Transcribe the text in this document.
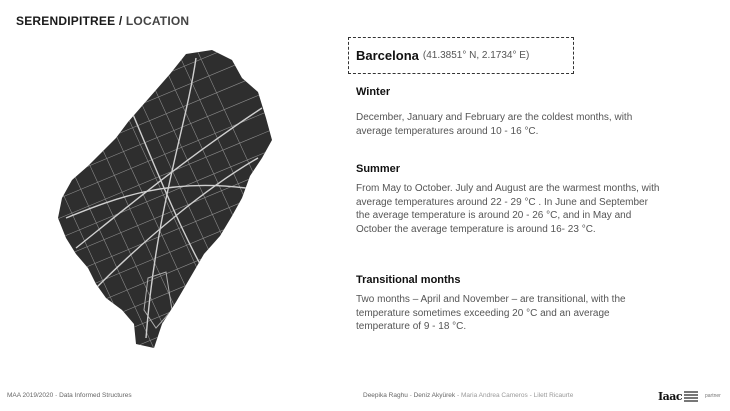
SERENDIPITREE / LOCATION
Barcelona (41.3851° N, 2.1734° E)
Winter
December, January and February are the coldest months, with average temperatures around 10 - 16 °C.
Summer
From May to October. July and August are the warmest months, with average temperatures around 22 - 29 °C . In June and September the average temperature is around 20 - 26 °C, and in May and October the average temperature is around 16- 23 °C.
Transitional months
Two months – April and November – are transitional, with the temperature sometimes exceeding 20 °C and an average temperature of 9 - 18 °C.
MAA 2019/2020 - Data Informed Structures	Deepika Raghu - Deniz Akyürek - Maria Andrea Cameros - Lilett Ricaurte	Iaac	partner
